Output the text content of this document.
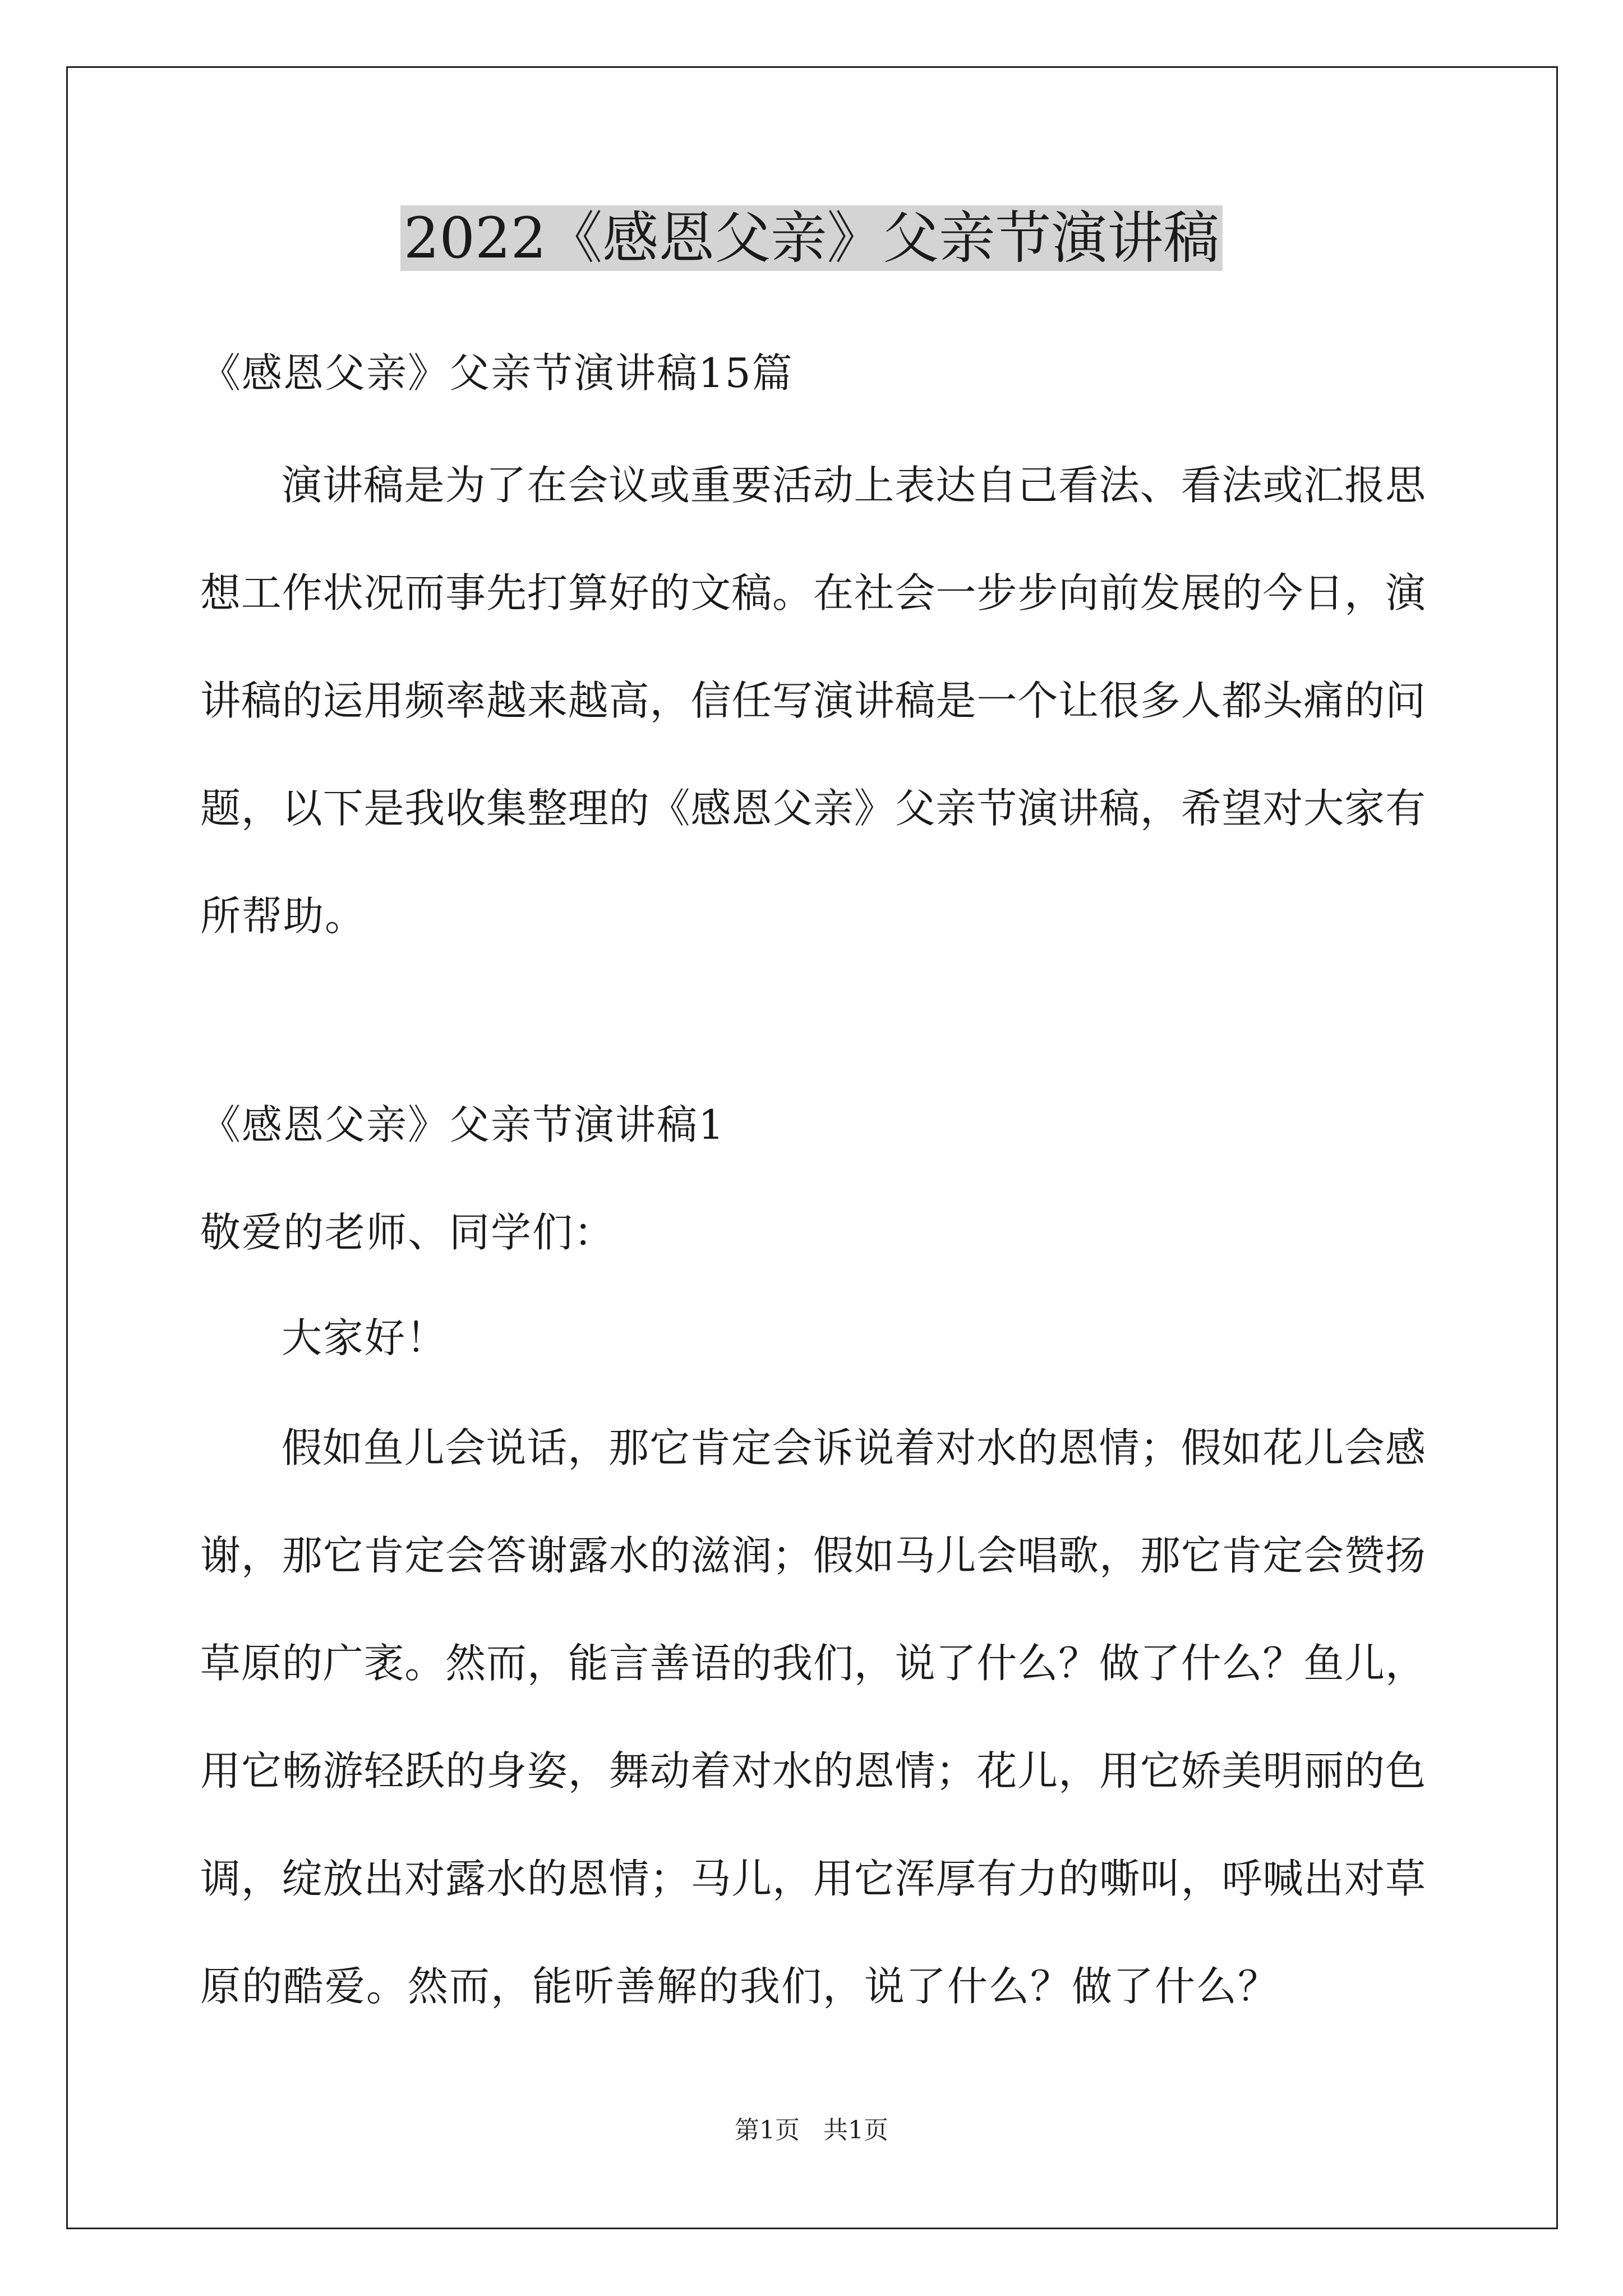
2022《感恩父亲》父亲节演讲稿
《感恩父亲》父亲节演讲稿15篇
演讲稿是为了在会议或重要活动上表达自己看法、看法或汇报思
想工作状况而事先打算好的文稿。在社会一步步向前发展的今日，演
讲稿的运用频率越来越高，信任写演讲稿是一个让很多人都头痛的问
题，以下是我收集整理的《感恩父亲》父亲节演讲稿，希望对大家有
所帮助。
《感恩父亲》父亲节演讲稿1
敬爱的老师、同学们：
大家好！
假如鱼儿会说话，那它肯定会诉说着对水的恩情；假如花儿会感
谢，那它肯定会答谢露水的滋润；假如马儿会唱歌，那它肯定会赞扬
草原的广袤。然而，能言善语的我们，说了什么？做了什么？鱼儿，
用它畅游轻跃的身姿，舞动着对水的恩情；花儿，用它娇美明丽的色
调，绽放出对露水的恩情；马儿，用它浑厚有力的嘶叫，呼喊出对草
原的酷爱。然而，能听善解的我们，说了什么？做了什么？
第1页   共1页
